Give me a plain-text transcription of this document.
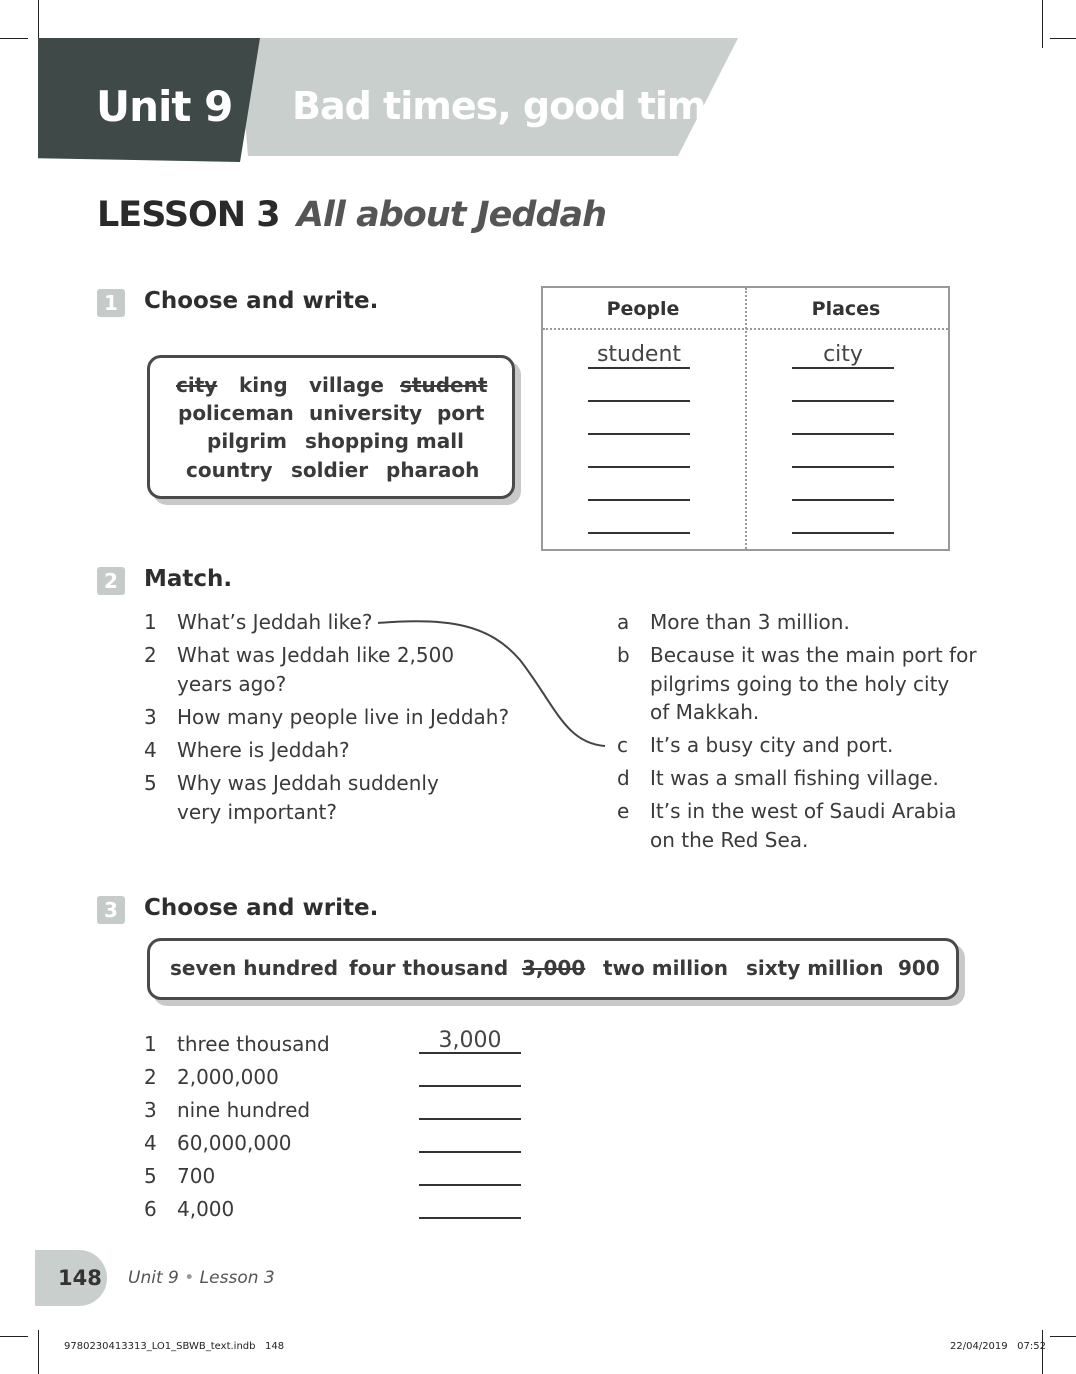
Unit 9 Bad times, good times
LESSON 3 All about Jeddah
1	Choose and write.
city king village student
policeman university port
pilgrim shopping mall
country soldier pharaoh
People	Places
student	city
2	Match.
1 What’s Jeddah like?
2 What was Jeddah like 2,500
years ago?
3 How many people live in Jeddah?
4 Where is Jeddah?
5 Why was Jeddah suddenly
very important?
a More than 3 million.
b Because it was the main port for
pilgrims going to the holy city
of Makkah.
c It’s a busy city and port.
d It was a small fishing village.
e It’s in the west of Saudi Arabia
on the Red Sea.
3	Choose and write.
seven hundred four thousand 3,000 two million sixty million 900
1 three thousand	3,000
2 2,000,000
3 nine hundred
4 60,000,000
5 700
6 4,000
148 Unit 9 • Lesson 3
9780230413313_LO1_SBWB_text.indb   148	22/04/2019   07:52
